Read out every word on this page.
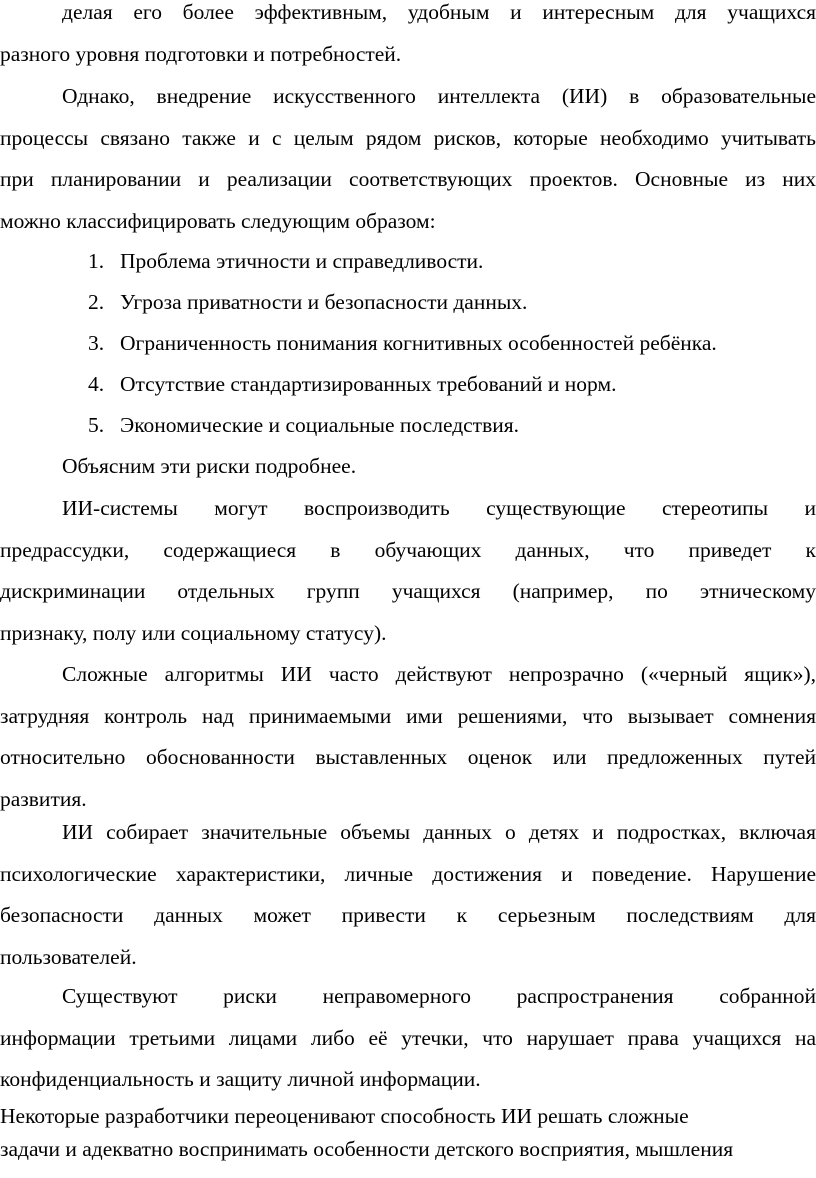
делая его более эффективным, удобным и интересным для учащихся
разного уровня подготовки и потребностей.
Однако, внедрение искусственного интеллекта (ИИ) в образовательные
процессы связано также и с целым рядом рисков, которые необходимо учитывать
при планировании и реализации соответствующих проектов. Основные из них
можно классифицировать следующим образом:
1. Проблема этичности и справедливости.
2. Угроза приватности и безопасности данных.
3. Ограниченность понимания когнитивных особенностей ребёнка.
4. Отсутствие стандартизированных требований и норм.
5. Экономические и социальные последствия.
Объясним эти риски подробнее.
ИИ-системы могут воспроизводить существующие стереотипы и
предрассудки, содержащиеся в обучающих данных, что приведет к
дискриминации отдельных групп учащихся (например, по этническому
признаку, полу или социальному статусу).
Сложные алгоритмы ИИ часто действуют непрозрачно («черный ящик»),
затрудняя контроль над принимаемыми ими решениями, что вызывает сомнения
относительно обоснованности выставленных оценок или предложенных путей
развития.
ИИ собирает значительные объемы данных о детях и подростках, включая
психологические характеристики, личные достижения и поведение. Нарушение
безопасности данных может привести к серьезным последствиям для
пользователей.
Существуют риски неправомерного распространения собранной
информации третьими лицами либо её утечки, что нарушает права учащихся на
конфиденциальность и защиту личной информации.
Некоторые разработчики переоценивают способность ИИ решать сложные
задачи и адекватно воспринимать особенности детского восприятия, мышления
